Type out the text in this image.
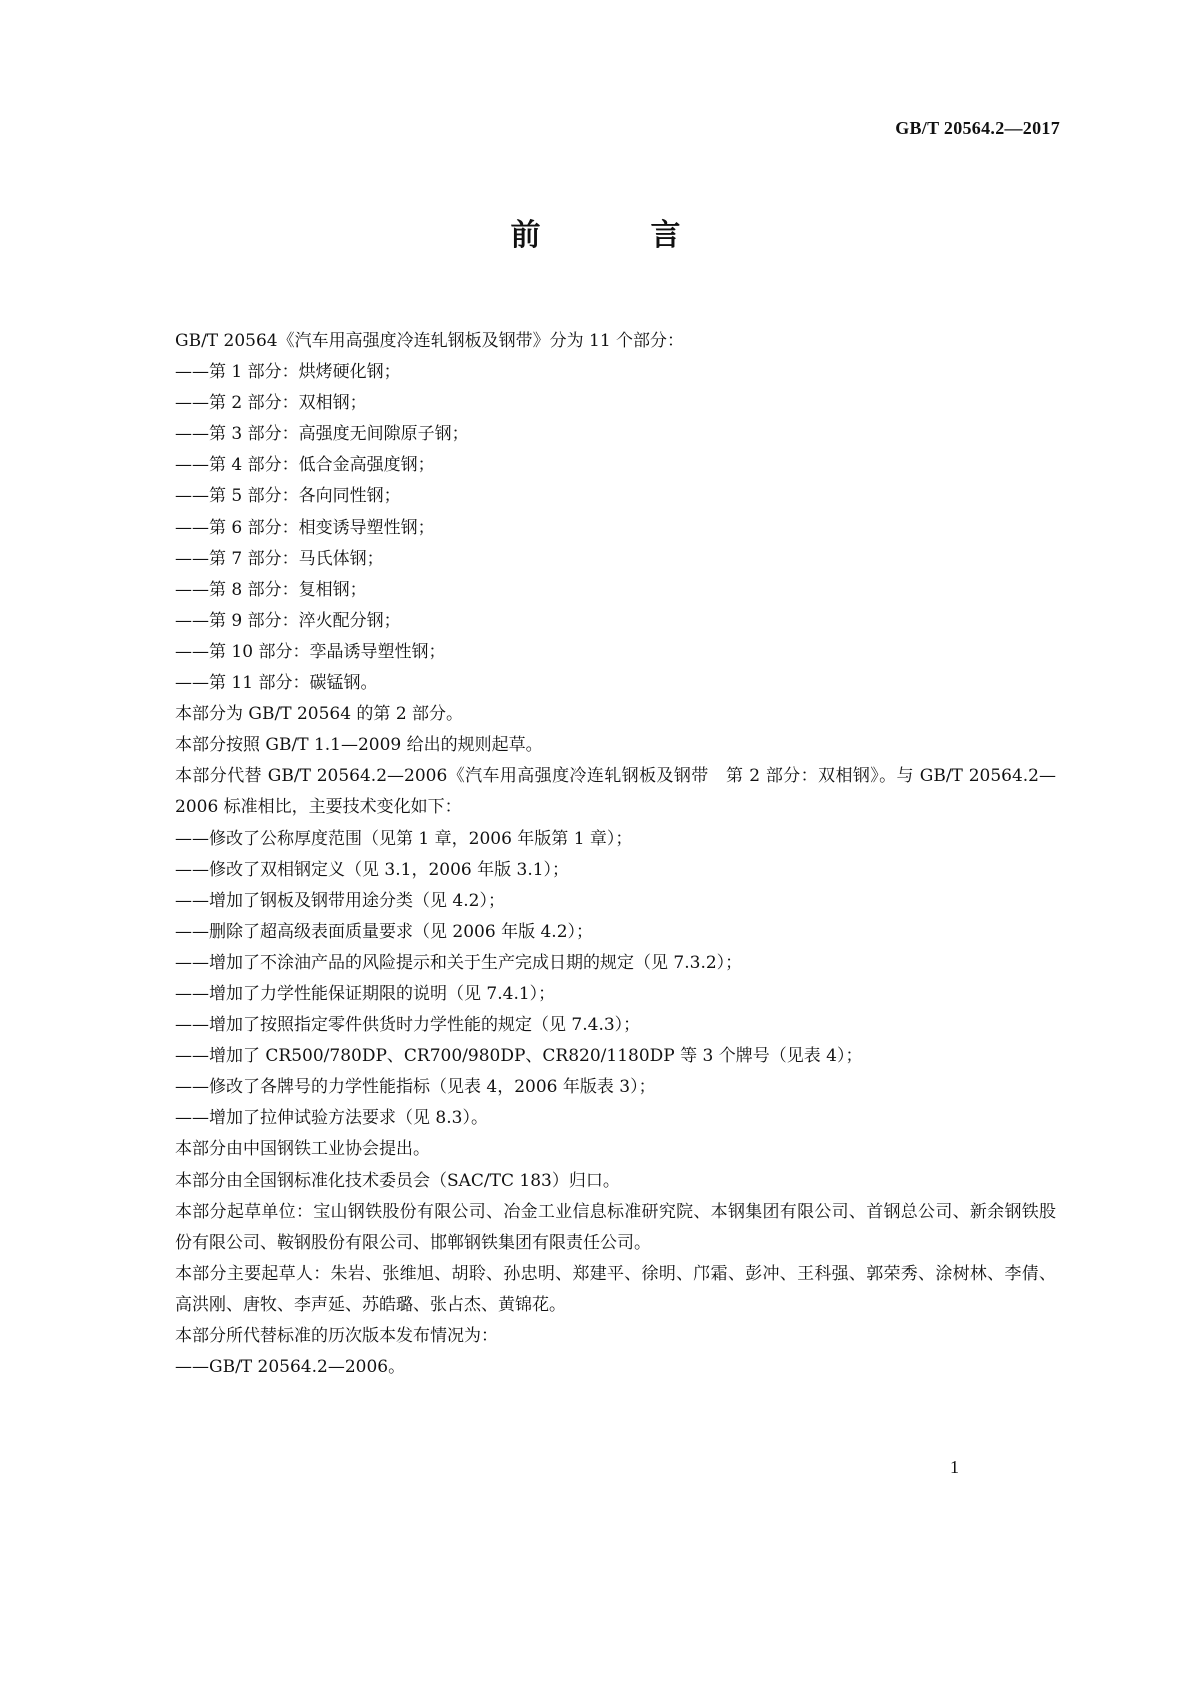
GB/T 20564.2—2017

前　言

GB/T 20564《汽车用高强度冷连轧钢板及钢带》分为 11 个部分：

——第 1 部分：烘烤硬化钢；

——第 2 部分：双相钢；

——第 3 部分：高强度无间隙原子钢；

——第 4 部分：低合金高强度钢；

——第 5 部分：各向同性钢；

——第 6 部分：相变诱导塑性钢；

——第 7 部分：马氏体钢；

——第 8 部分：复相钢；

——第 9 部分：淬火配分钢；

——第 10 部分：孪晶诱导塑性钢；

——第 11 部分：碳锰钢。

本部分为 GB/T 20564 的第 2 部分。

本部分按照 GB/T 1.1—2009 给出的规则起草。

本部分代替 GB/T 20564.2—2006《汽车用高强度冷连轧钢板及钢带　第 2 部分：双相钢》。与 GB/T 20564.2—2006 标准相比，主要技术变化如下：

——修改了公称厚度范围（见第 1 章，2006 年版第 1 章）；

——修改了双相钢定义（见 3.1，2006 年版 3.1）；

——增加了钢板及钢带用途分类（见 4.2）；

——删除了超高级表面质量要求（见 2006 年版 4.2）；

——增加了不涂油产品的风险提示和关于生产完成日期的规定（见 7.3.2）；

——增加了力学性能保证期限的说明（见 7.4.1）；

——增加了按照指定零件供货时力学性能的规定（见 7.4.3）；

——增加了 CR500/780DP、CR700/980DP、CR820/1180DP 等 3 个牌号（见表 4）；

——修改了各牌号的力学性能指标（见表 4，2006 年版表 3）；

——增加了拉伸试验方法要求（见 8.3）。

本部分由中国钢铁工业协会提出。

本部分由全国钢标准化技术委员会（SAC/TC 183）归口。

本部分起草单位：宝山钢铁股份有限公司、冶金工业信息标准研究院、本钢集团有限公司、首钢总公司、新余钢铁股份有限公司、鞍钢股份有限公司、邯郸钢铁集团有限责任公司。

本部分主要起草人：朱岩、张维旭、胡聆、孙忠明、郑建平、徐明、邝霜、彭冲、王科强、郭荣秀、涂树林、李倩、高洪刚、唐牧、李声延、苏皓璐、张占杰、黄锦花。

本部分所代替标准的历次版本发布情况为：

——GB/T 20564.2—2006。

1
